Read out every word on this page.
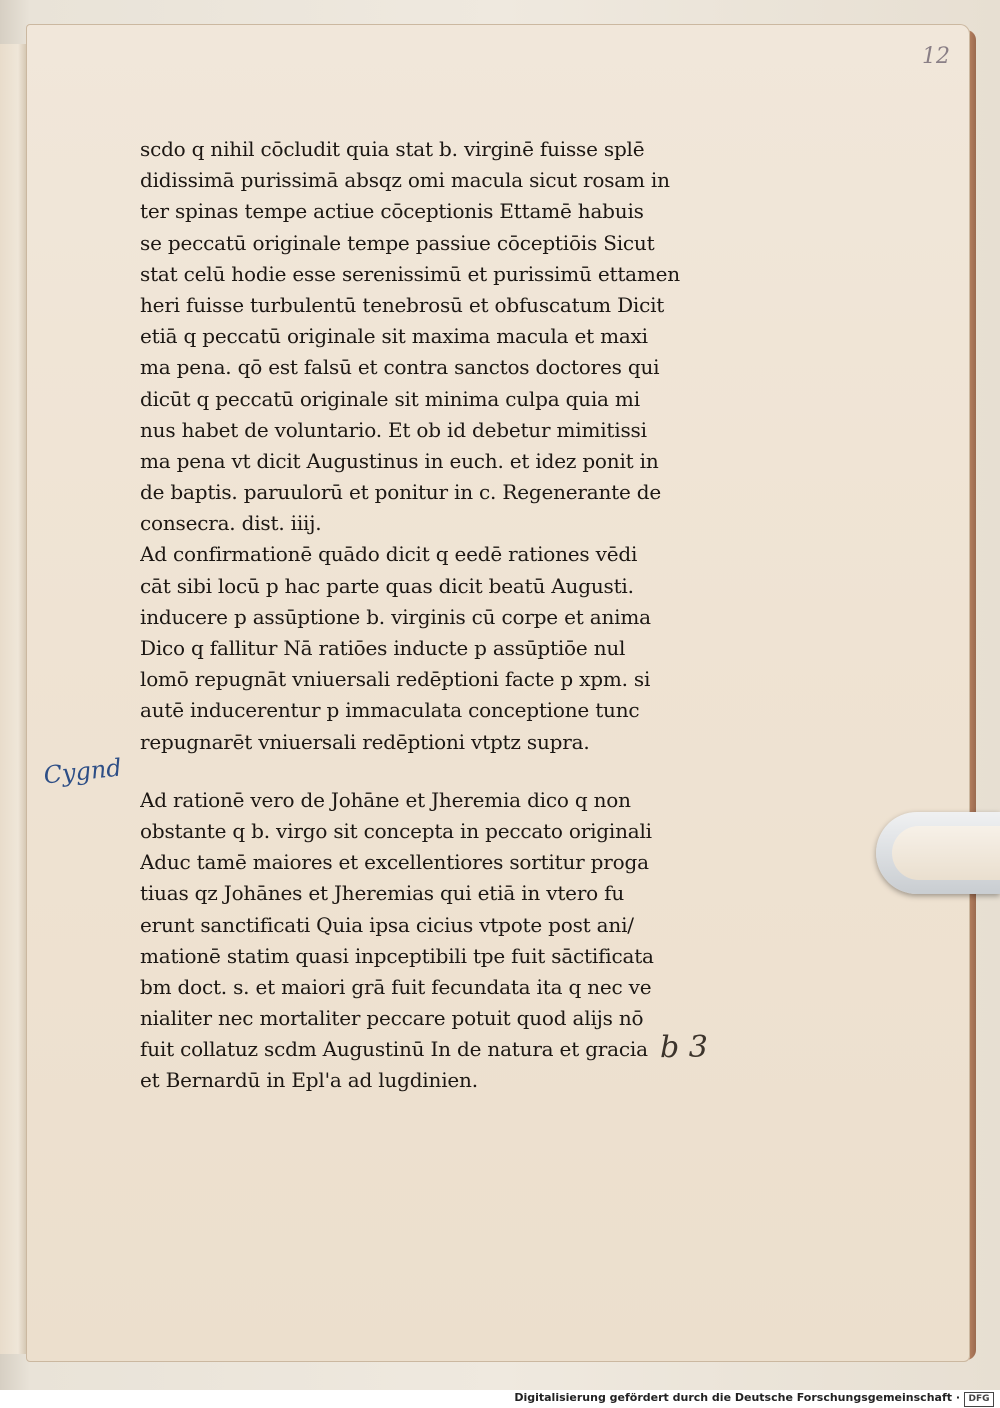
12
Cygnd
scdo q nihil cōcludit quia stat b. virginē fuisse splē
didissimā purissimā absqz omi macula sicut rosam in
ter spinas tempe actiue cōceptionis Ettamē habuis
se peccatū originale tempe passiue cōceptiōis Sicut
stat celū hodie esse serenissimū et purissimū ettamen
heri fuisse turbulentū tenebrosū et obfuscatum Dicit
etiā q peccatū originale sit maxima macula et maxi
ma pena. qō est falsū et contra sanctos doctores qui
dicūt q peccatū originale sit minima culpa quia mi
nus habet de voluntario. Et ob id debetur mimitissi
ma pena vt dicit Augustinus in euch. et idez ponit in
de baptis. paruulorū et ponitur in c. Regenerante de
consecra. dist. iiij.
Ad confirmationē quādo dicit q eedē rationes vēdi
cāt sibi locū p hac parte quas dicit beatū Augusti.
inducere p assūptione b. virginis cū corpe et anima
Dico q fallitur Nā ratiōes inducte p assūptiōe nul
lomō repugnāt vniuersali redēptioni facte p xpm. si
autē inducerentur p immaculata conceptione tunc
repugnarēt vniuersali redēptioni vtptz supra.
Ad rationē vero de Johāne et Jheremia dico q non
obstante q b. virgo sit concepta in peccato originali
Aduc tamē maiores et excellentiores sortitur proga
tiuas qz Johānes et Jheremias qui etiā in vtero fu
erunt sanctificati Quia ipsa cicius vtpote post ani/
mationē statim quasi inpceptibili tpe fuit sāctificata
bm doct. s. et maiori grā fuit fecundata ita q nec ve
nialiter nec mortaliter peccare potuit quod alijs nō
fuit collatuz scdm Augustinū In de natura et gracia
et Bernardū in Epl'a ad lugdinien.
b 3
Digitalisierung gefördert durch die Deutsche Forschungsgemeinschaft · DFG
